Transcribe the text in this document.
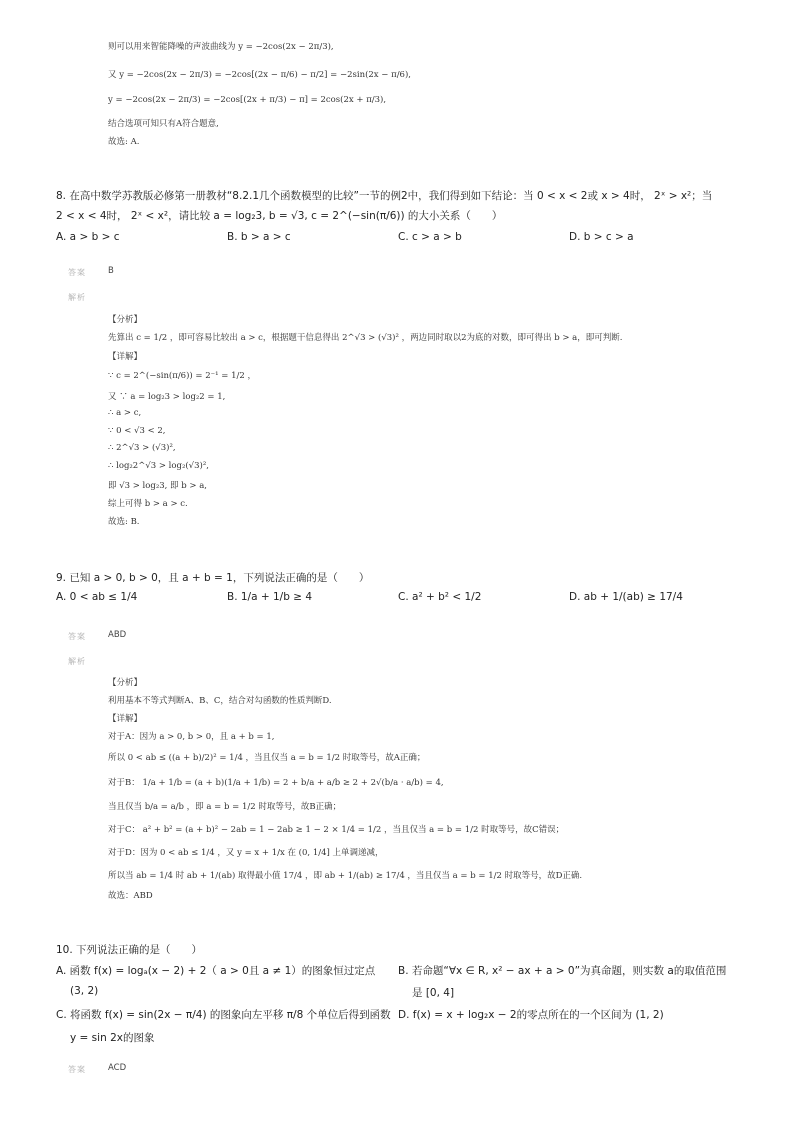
则可以用来智能降噪的声波曲线为 y = −2cos(2x − 2π/3),
又 y = −2cos(2x − 2π/3) = −2cos[(2x − π/6) − π/2] = −2sin(2x − π/6),
y = −2cos(2x − 2π/3) = −2cos[(2x + π/3) − π] = 2cos(2x + π/3),
结合选项可知只有A符合题意,
故选: A.
8. 在高中数学苏教版必修第一册教材“8.2.1几个函数模型的比较”一节的例2中，我们得到如下结论：当 0 < x < 2或 x > 4时， 2ˣ > x²；当
2 < x < 4时， 2ˣ < x²，请比较 a = log₂3, b = √3, c = 2^(−sin(π/6)) 的大小关系（　　）
A. a > b > c	B. b > a > c	C. c > a > b	D. b > c > a
答案	B
解析
【分析】
先算出 c = 1/2 ，即可容易比较出 a > c，根据题干信息得出 2^√3 > (√3)² ，两边同时取以2为底的对数，即可得出 b > a，即可判断.
【详解】
∵ c = 2^(−sin(π/6)) = 2⁻¹ = 1/2 ，
又 ∵ a = log₂3 > log₂2 = 1,
∴ a > c,
∵ 0 < √3 < 2,
∴ 2^√3 > (√3)²,
∴ log₂2^√3 > log₂(√3)²,
即 √3 > log₂3, 即 b > a,
综上可得 b > a > c.
故选: B.
9. 已知 a > 0, b > 0，且 a + b = 1，下列说法正确的是（　　）
A. 0 < ab ≤ 1/4	B. 1/a + 1/b ≥ 4	C. a² + b² < 1/2	D. ab + 1/(ab) ≥ 17/4
答案	ABD
解析
【分析】
利用基本不等式判断A、B、C，结合对勾函数的性质判断D.
【详解】
对于A：因为 a > 0, b > 0，且 a + b = 1,
所以 0 < ab ≤ ((a + b)/2)² = 1/4 ，当且仅当 a = b = 1/2 时取等号，故A正确；
对于B： 1/a + 1/b = (a + b)(1/a + 1/b) = 2 + b/a + a/b ≥ 2 + 2√(b/a · a/b) = 4,
当且仅当 b/a = a/b ，即 a = b = 1/2 时取等号，故B正确；
对于C： a² + b² = (a + b)² − 2ab = 1 − 2ab ≥ 1 − 2 × 1/4 = 1/2 ，当且仅当 a = b = 1/2 时取等号，故C错误；
对于D：因为 0 < ab ≤ 1/4 ，又 y = x + 1/x 在 (0, 1/4] 上单调递减，
所以当 ab = 1/4 时 ab + 1/(ab) 取得最小值 17/4 ，即 ab + 1/(ab) ≥ 17/4 ，当且仅当 a = b = 1/2 时取等号，故D正确.
故选：ABD
10. 下列说法正确的是（　　）
A. 函数 f(x) = logₐ(x − 2) + 2（ a > 0且 a ≠ 1）的图象恒过定点
(3, 2)
B. 若命题“∀x ∈ R, x² − ax + a > 0”为真命题，则实数 a的取值范围
是 [0, 4]
C. 将函数 f(x) = sin(2x − π/4) 的图象向左平移 π/8 个单位后得到函数
y = sin 2x的图象
D. f(x) = x + log₂x − 2的零点所在的一个区间为 (1, 2)
答案	ACD
